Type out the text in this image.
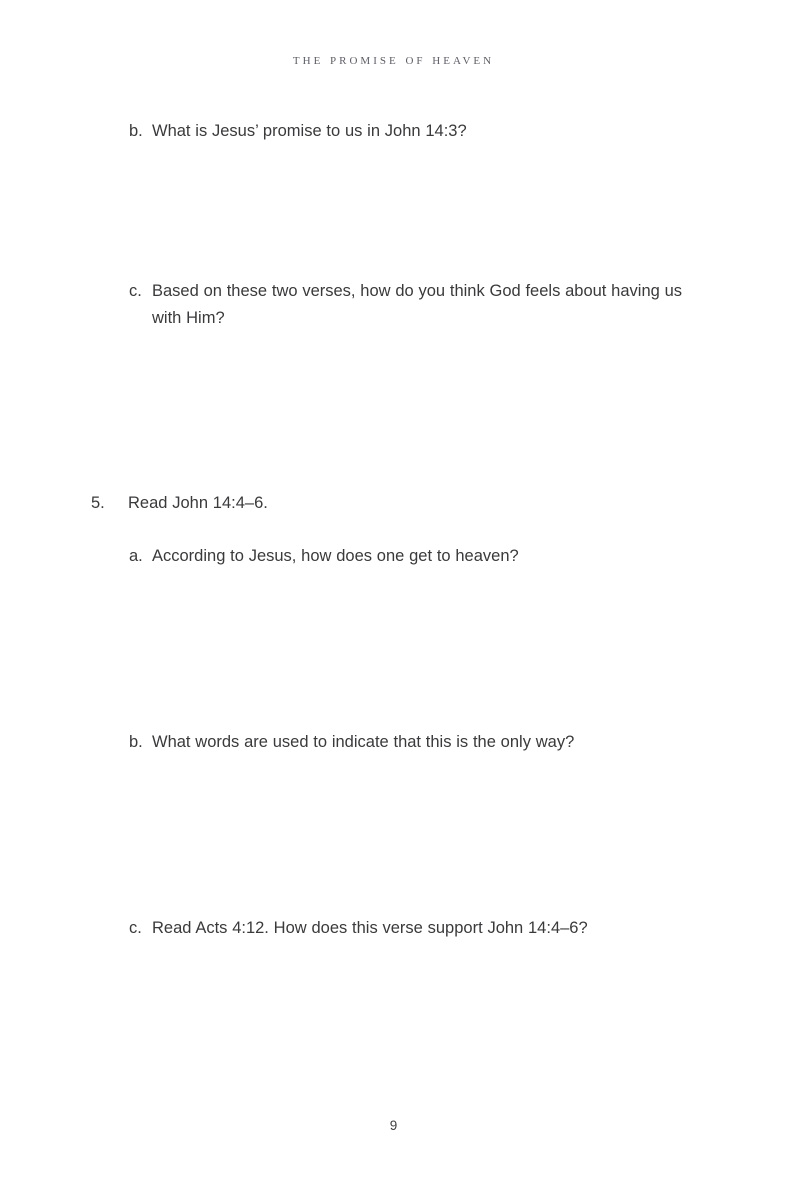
the promise of heaven
b. What is Jesus’ promise to us in John 14:3?
c. Based on these two verses, how do you think God feels about having us with Him?
5.	Read John 14:4–6.
a. According to Jesus, how does one get to heaven?
b. What words are used to indicate that this is the only way?
c. Read Acts 4:12. How does this verse support John 14:4–6?
9
